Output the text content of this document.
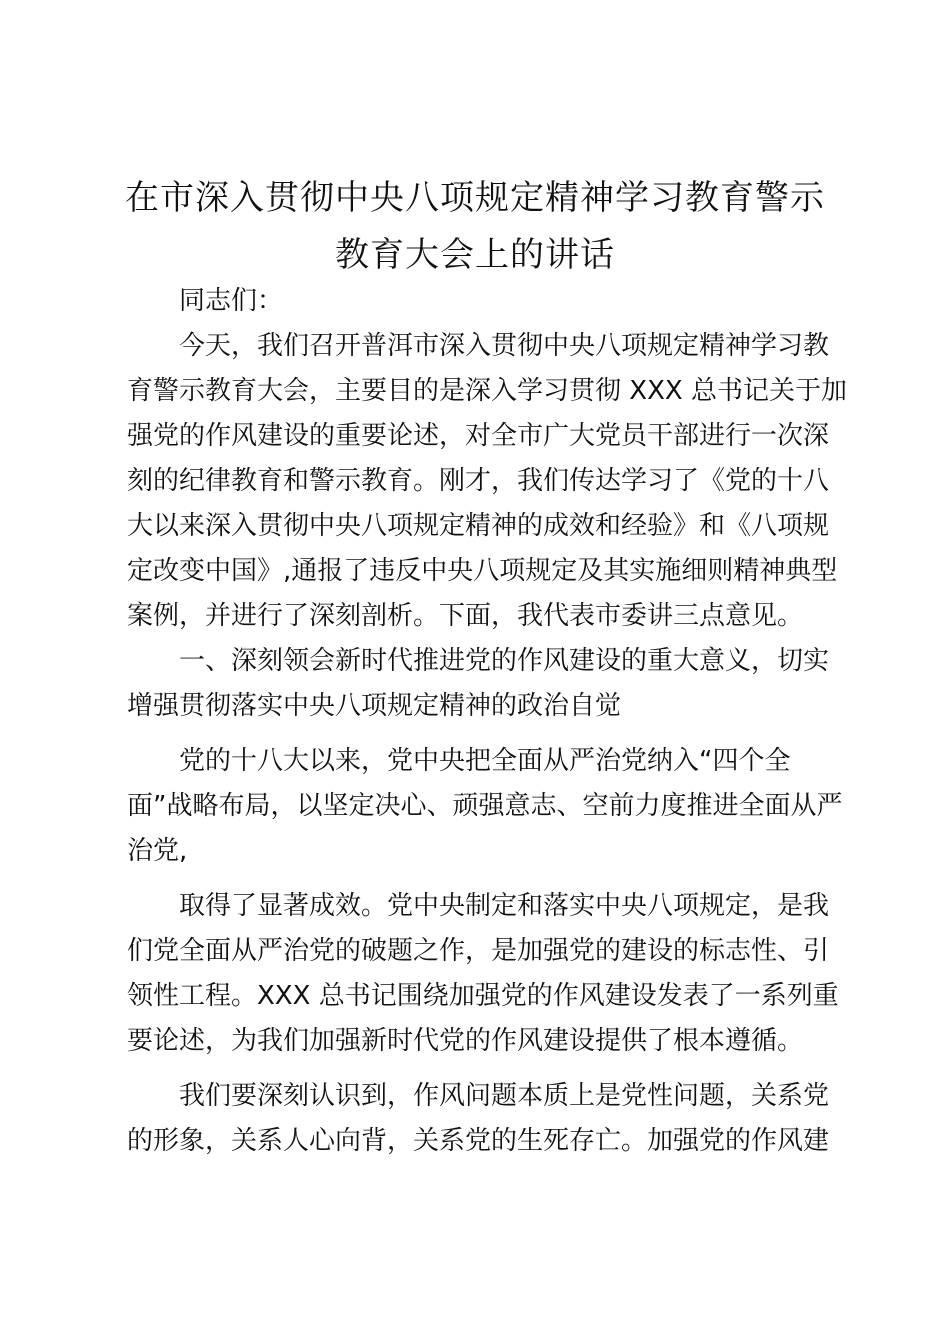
在市深入贯彻中央八项规定精神学习教育警示
教育大会上的讲话

同志们：

今天，我们召开普洱市深入贯彻中央八项规定精神学习教
育警示教育大会，主要目的是深入学习贯彻 XXX 总书记关于加
强党的作风建设的重要论述，对全市广大党员干部进行一次深
刻的纪律教育和警示教育。刚才，我们传达学习了《党的十八
大以来深入贯彻中央八项规定精神的成效和经验》和《八项规
定改变中国》,通报了违反中央八项规定及其实施细则精神典型
案例，并进行了深刻剖析。下面，我代表市委讲三点意见。

一、深刻领会新时代推进党的作风建设的重大意义，切实
增强贯彻落实中央八项规定精神的政治自觉

党的十八大以来，党中央把全面从严治党纳入“四个全
面”战略布局，以坚定决心、顽强意志、空前力度推进全面从严
治党,

取得了显著成效。党中央制定和落实中央八项规定，是我
们党全面从严治党的破题之作，是加强党的建设的标志性、引
领性工程。XXX 总书记围绕加强党的作风建设发表了一系列重
要论述，为我们加强新时代党的作风建设提供了根本遵循。

我们要深刻认识到，作风问题本质上是党性问题，关系党
的形象，关系人心向背，关系党的生死存亡。加强党的作风建
